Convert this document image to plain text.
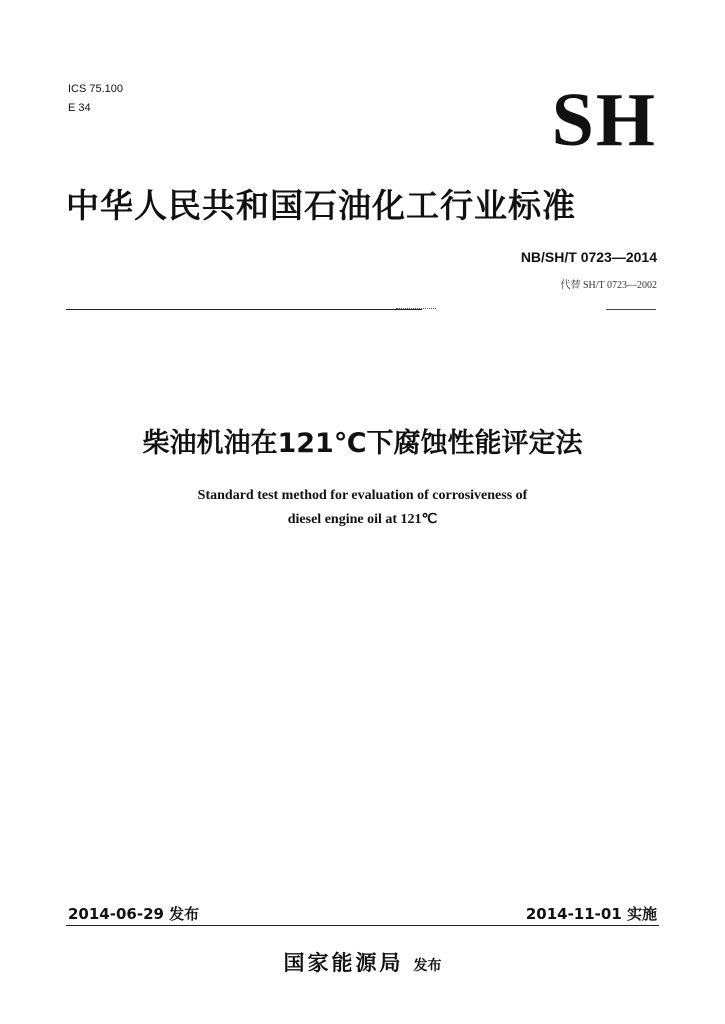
ICS 75.100
E 34	SH
中华人民共和国石油化工行业标准
NB/SH/T 0723—2014
代替 SH/T 0723—2002
柴油机油在121℃下腐蚀性能评定法
Standard test method for evaluation of corrosiveness of
diesel engine oil at 121℃
2014-06-29 发布	2014-11-01 实施
国家能源局 发布
